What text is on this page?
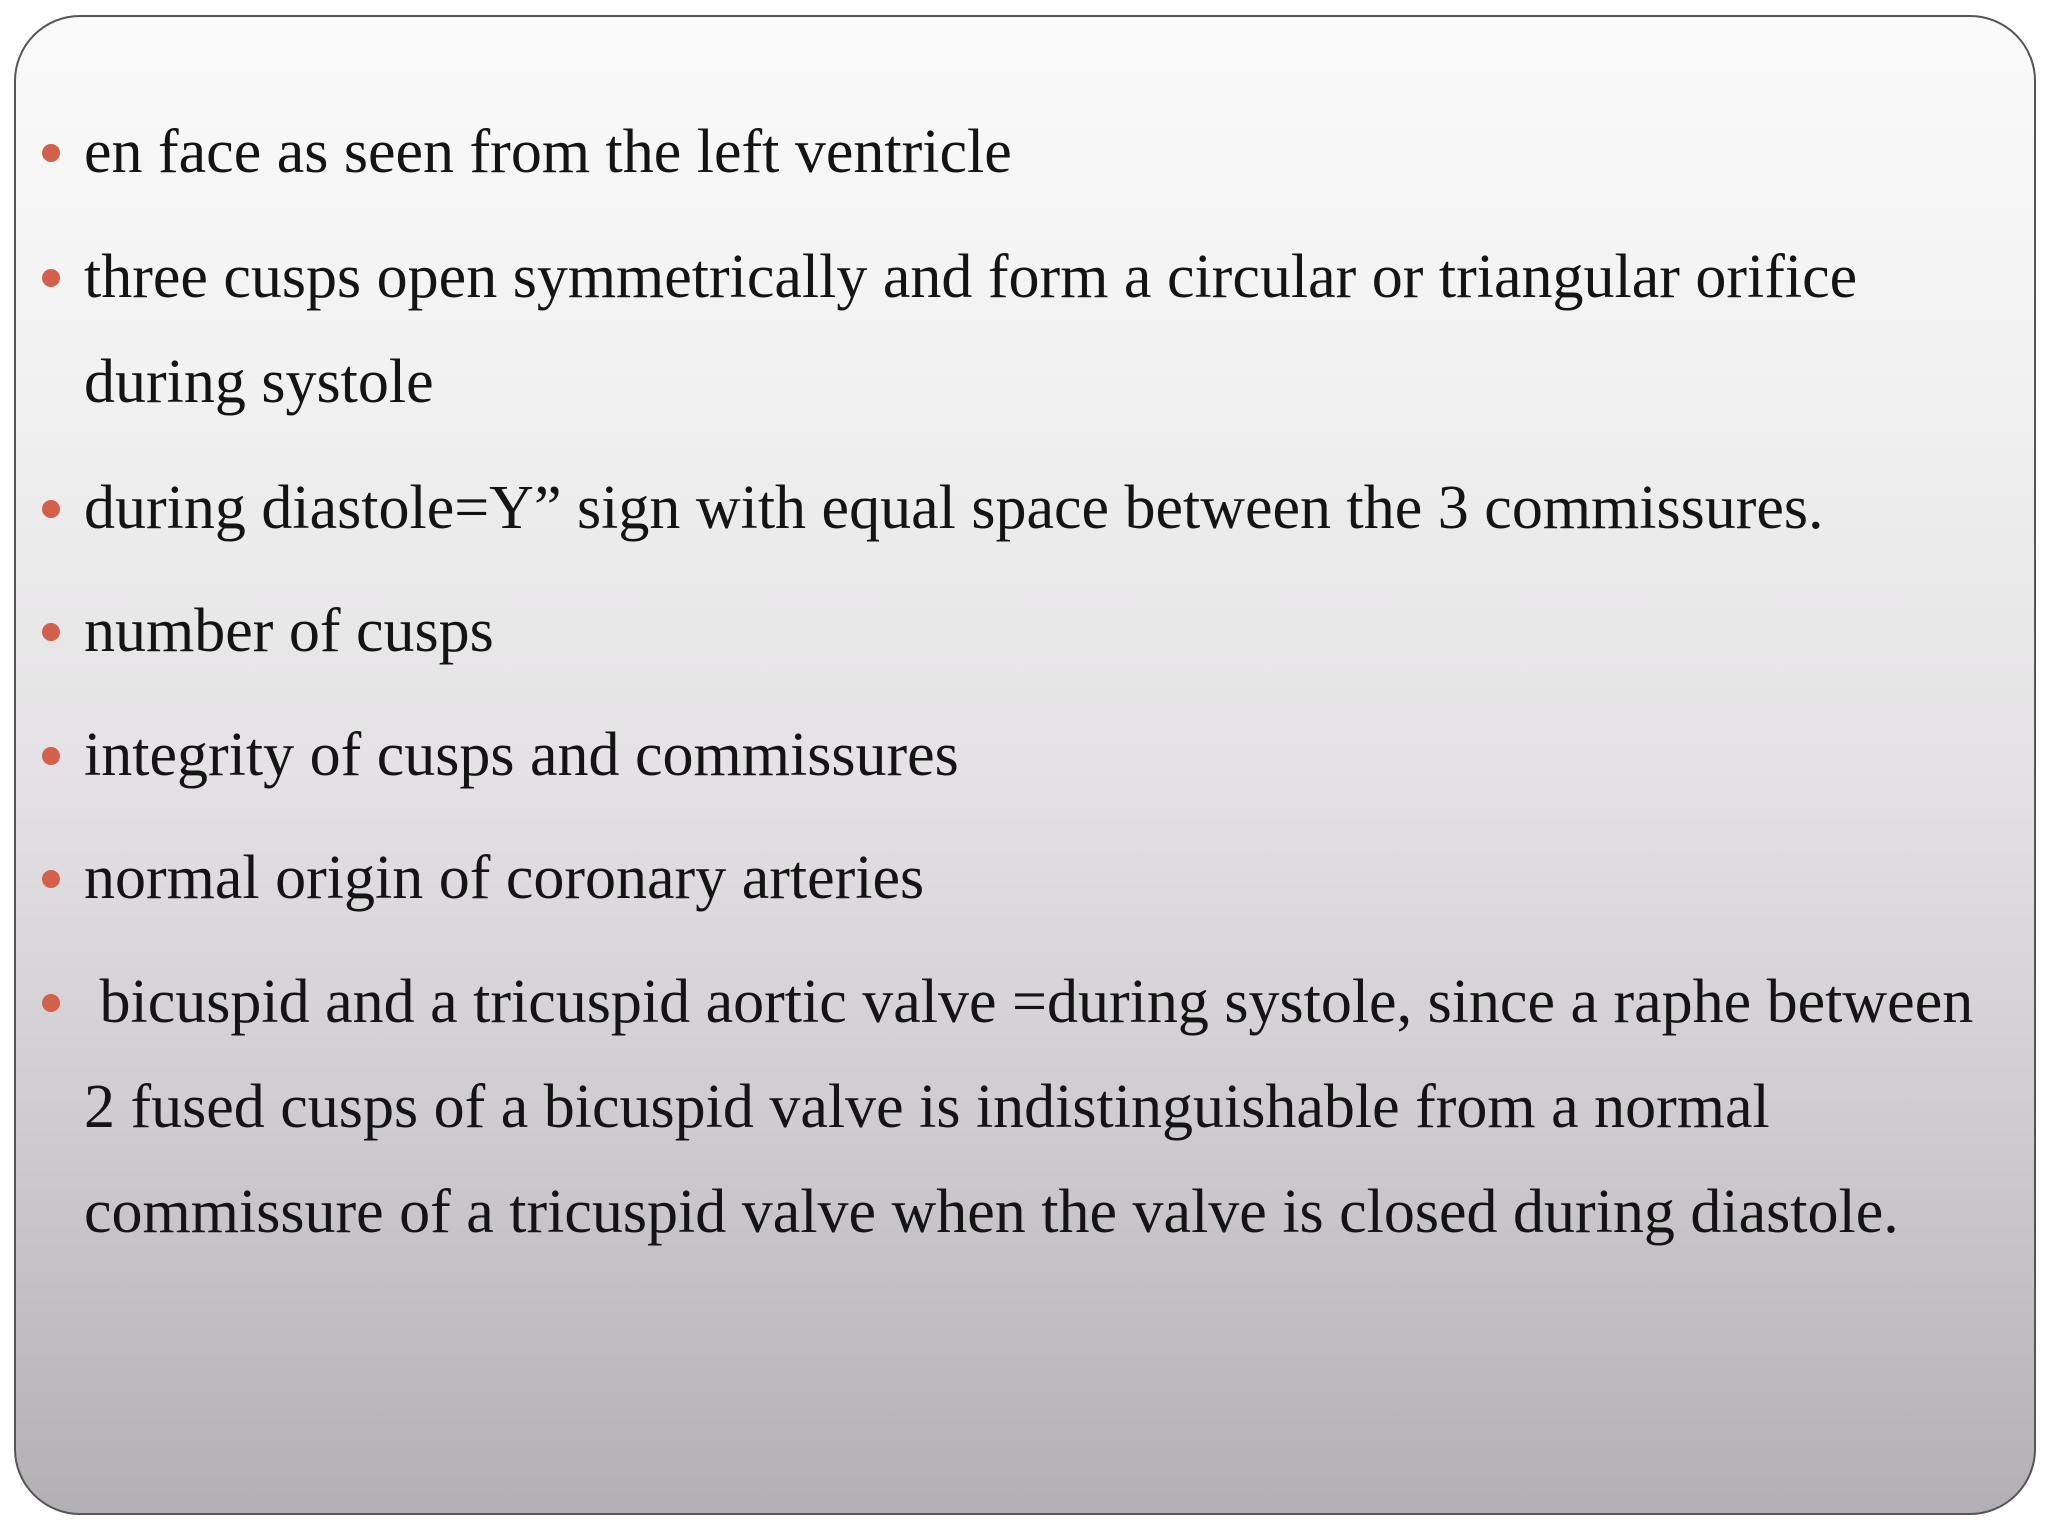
en face as seen from the left ventricle
three cusps open symmetrically and form a circular or triangular orifice during systole
during diastole=Y” sign with equal space between the 3 commissures.
number of cusps
integrity of cusps and commissures
normal origin of coronary arteries
bicuspid and a tricuspid aortic valve =during systole, since a raphe between 2 fused cusps of a bicuspid valve is indistinguishable from a normal commissure of a tricuspid valve when the valve is closed during diastole.
